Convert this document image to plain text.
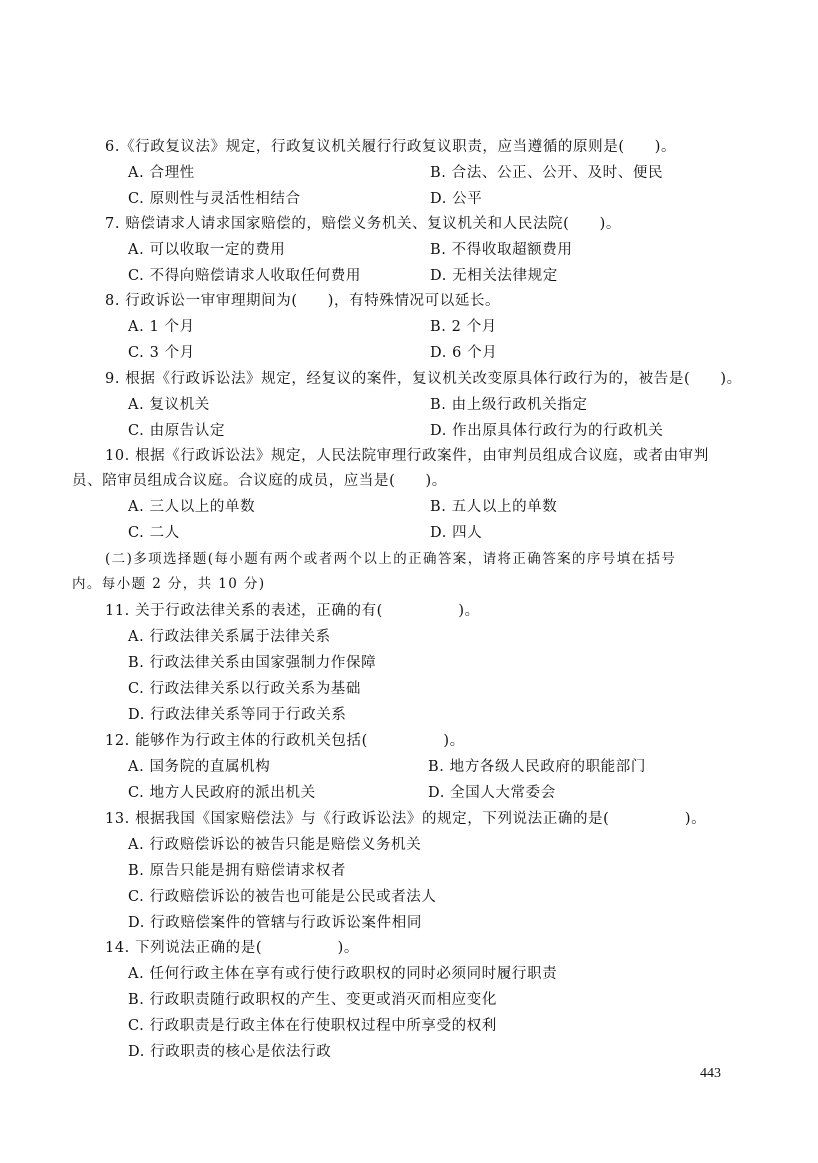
6.《行政复议法》规定，行政复议机关履行行政复议职责，应当遵循的原则是(　　)。
A. 合理性	B. 合法、公正、公开、及时、便民
C. 原则性与灵活性相结合	D. 公平
7. 赔偿请求人请求国家赔偿的，赔偿义务机关、复议机关和人民法院(　　)。
A. 可以收取一定的费用	B. 不得收取超额费用
C. 不得向赔偿请求人收取任何费用	D. 无相关法律规定
8. 行政诉讼一审审理期间为(　　)，有特殊情况可以延长。
A. 1 个月	B. 2 个月
C. 3 个月	D. 6 个月
9. 根据《行政诉讼法》规定，经复议的案件，复议机关改变原具体行政行为的，被告是(　　)。
A. 复议机关	B. 由上级行政机关指定
C. 由原告认定	D. 作出原具体行政行为的行政机关
10. 根据《行政诉讼法》规定，人民法院审理行政案件，由审判员组成合议庭，或者由审判
员、陪审员组成合议庭。合议庭的成员，应当是(　　)。
A. 三人以上的单数	B. 五人以上的单数
C. 二人	D. 四人
(二)多项选择题(每小题有两个或者两个以上的正确答案，请将正确答案的序号填在括号
内。每小题 2 分，共 10 分)
11. 关于行政法律关系的表述，正确的有(　　　　　)。
A. 行政法律关系属于法律关系
B. 行政法律关系由国家强制力作保障
C. 行政法律关系以行政关系为基础
D. 行政法律关系等同于行政关系
12. 能够作为行政主体的行政机关包括(　　　　　)。
A. 国务院的直属机构	B. 地方各级人民政府的职能部门
C. 地方人民政府的派出机关	D. 全国人大常委会
13. 根据我国《国家赔偿法》与《行政诉讼法》的规定，下列说法正确的是(　　　　　)。
A. 行政赔偿诉讼的被告只能是赔偿义务机关
B. 原告只能是拥有赔偿请求权者
C. 行政赔偿诉讼的被告也可能是公民或者法人
D. 行政赔偿案件的管辖与行政诉讼案件相同
14. 下列说法正确的是(　　　　　)。
A. 任何行政主体在享有或行使行政职权的同时必须同时履行职责
B. 行政职责随行政职权的产生、变更或消灭而相应变化
C. 行政职责是行政主体在行使职权过程中所享受的权利
D. 行政职责的核心是依法行政
443
